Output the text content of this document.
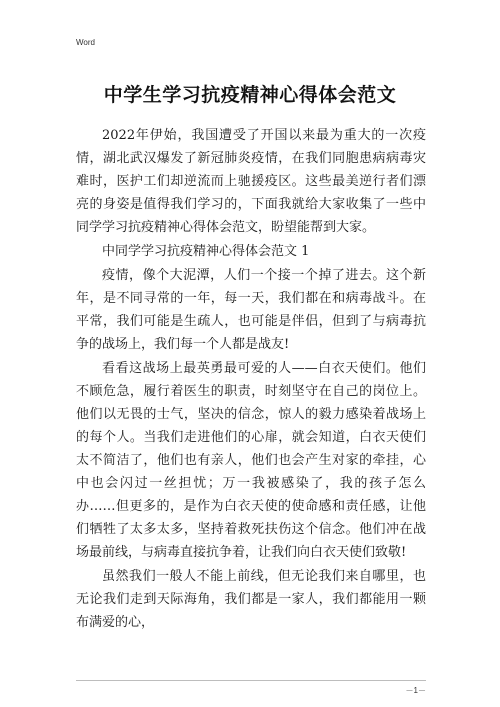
Word
中学生学习抗疫精神心得体会范文

2022年伊始，我国遭受了开国以来最为重大的一次疫情，湖北武汉爆发了新冠肺炎疫情，在我们同胞患病病毒灾难时，医护工们却逆流而上驰援疫区。这些最美逆行者们漂亮的身姿是值得我们学习的，下面我就给大家收集了一些中同学学习抗疫精神心得体会范文，盼望能帮到大家。

中同学学习抗疫精神心得体会范文 1

疫情，像个大泥潭，人们一个接一个掉了进去。这个新年，是不同寻常的一年，每一天，我们都在和病毒战斗。在平常，我们可能是生疏人，也可能是伴侣，但到了与病毒抗争的战场上，我们每一个人都是战友!

看看这战场上最英勇最可爱的人——白衣天使们。他们不顾危急，履行着医生的职责，时刻坚守在自己的岗位上。他们以无畏的士气，坚决的信念，惊人的毅力感染着战场上的每个人。当我们走进他们的心扉，就会知道，白衣天使们太不简洁了，他们也有亲人，他们也会产生对家的牵挂，心中也会闪过一丝担忧；万一我被感染了，我的孩子怎么办……但更多的，是作为白衣天使的使命感和责任感，让他们牺牲了太多太多，坚持着救死扶伤这个信念。他们冲在战场最前线，与病毒直接抗争着，让我们向白衣天使们致敬!

虽然我们一般人不能上前线，但无论我们来自哪里，也无论我们走到天际海角，我们都是一家人，我们都能用一颗布满爱的心，

－1－
